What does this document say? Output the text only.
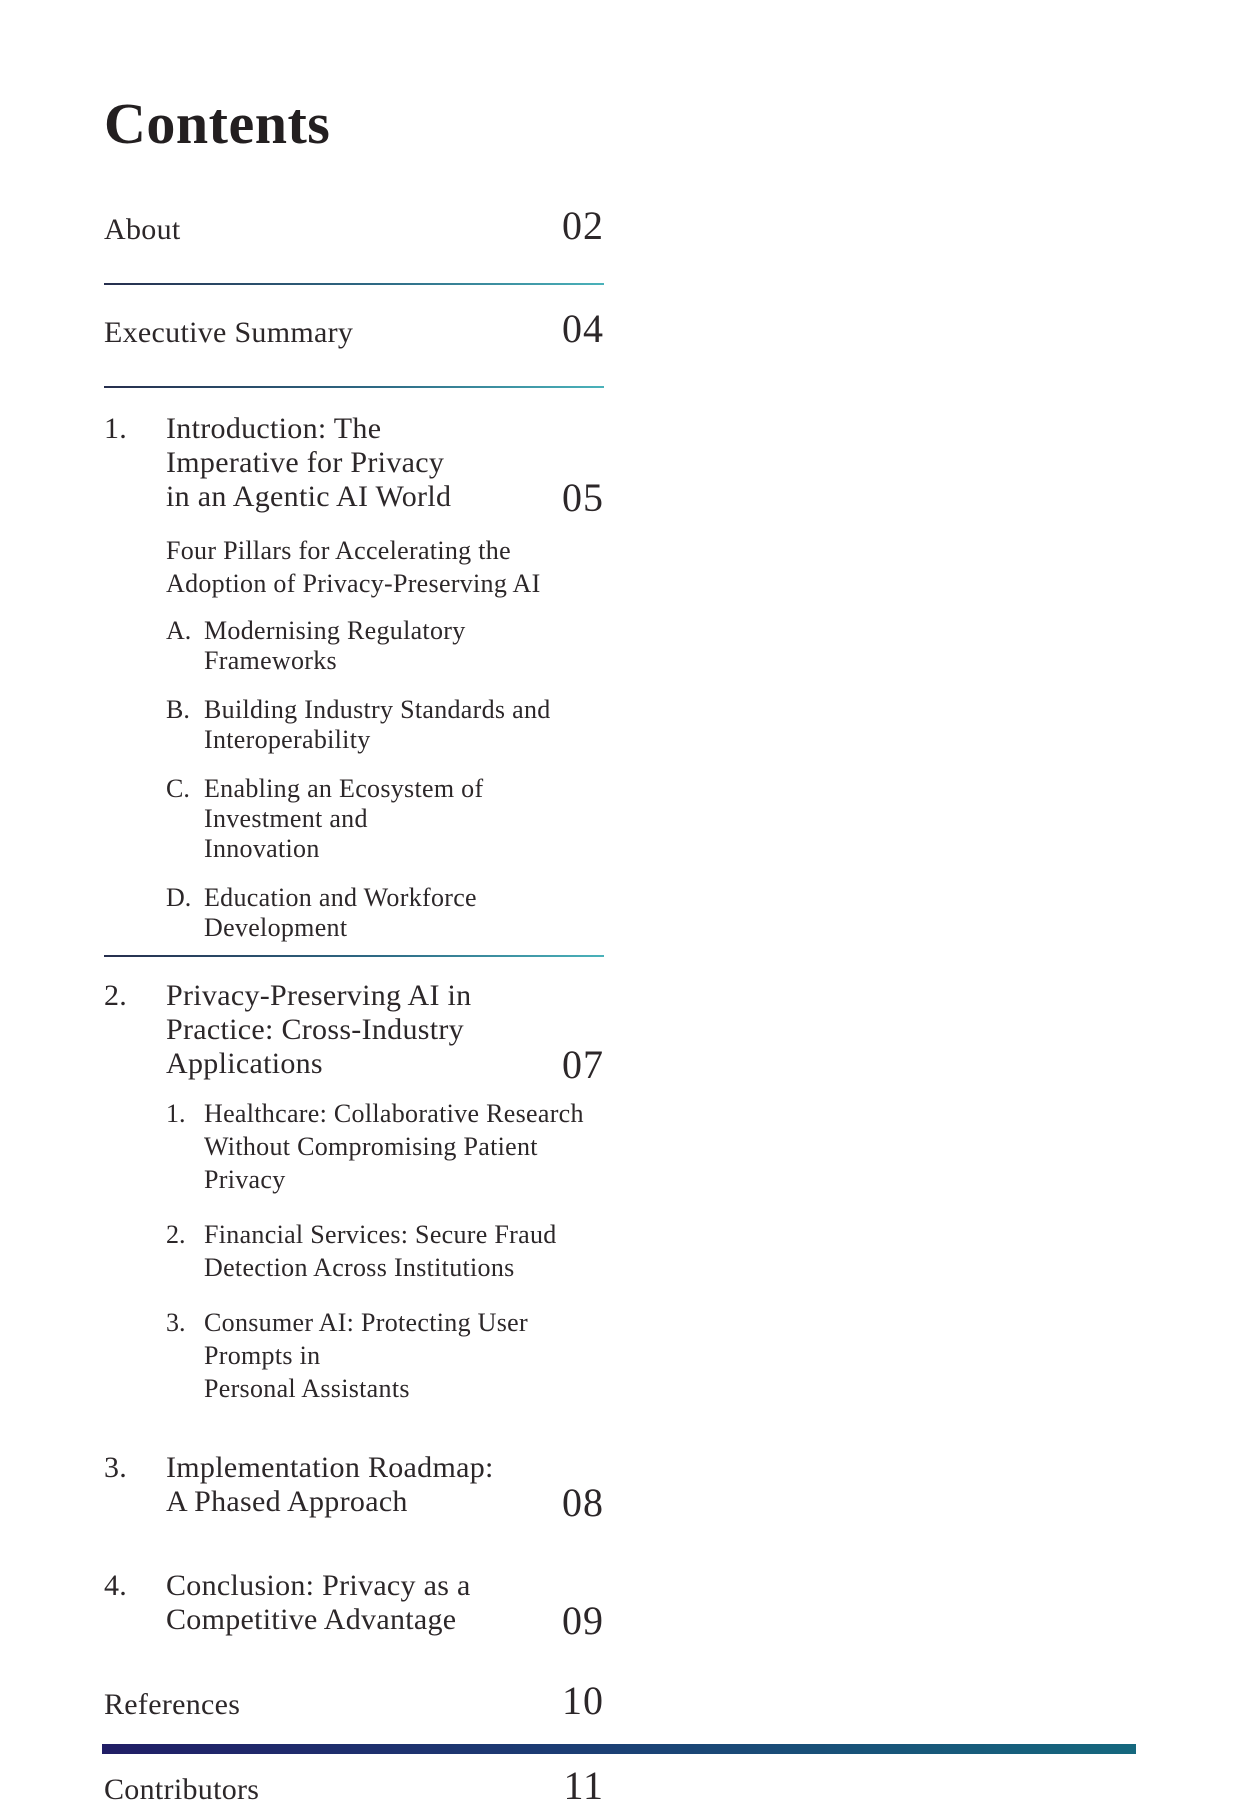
Contents
About	02
Executive Summary	04
1.	Introduction: The
Imperative for Privacy
in an Agentic AI World	05
Four Pillars for Accelerating the
Adoption of Privacy-Preserving AI
A. Modernising Regulatory Frameworks
B. Building Industry Standards and
Interoperability
C. Enabling an Ecosystem of Investment and
Innovation
D. Education and Workforce Development
2.	Privacy-Preserving AI in
Practice: Cross-Industry
Applications	07
1. Healthcare: Collaborative Research
Without Compromising Patient Privacy
2. Financial Services: Secure Fraud
Detection Across Institutions
3. Consumer AI: Protecting User Prompts in
Personal Assistants
3.	Implementation Roadmap:
A Phased Approach	08
4.	Conclusion: Privacy as a
Competitive Advantage	09
References	10
Contributors	11
